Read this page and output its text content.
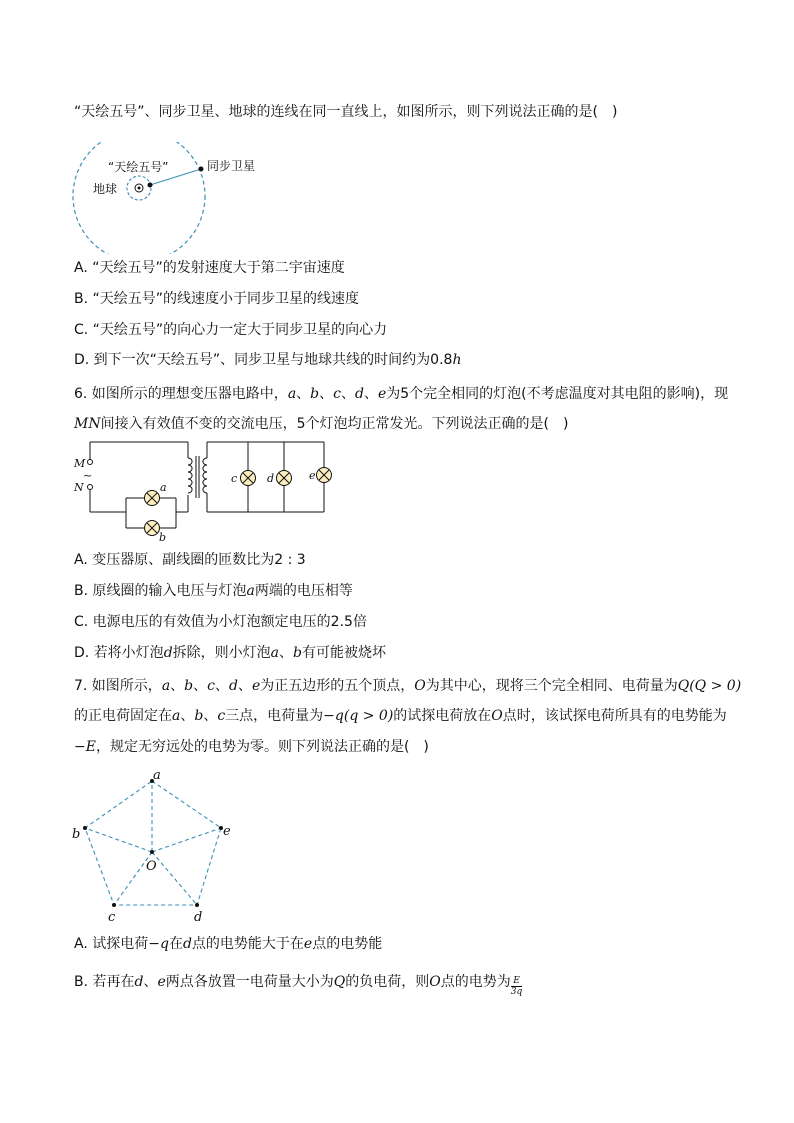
“天绘五号”、同步卫星、地球的连线在同一直线上，如图所示，则下列说法正确的是(　)
地球
“天绘五号”	同步卫星
A. “天绘五号”的发射速度大于第二宇宙速度
B. “天绘五号”的线速度小于同步卫星的线速度
C. “天绘五号”的向心力一定大于同步卫星的向心力
D. 到下一次“天绘五号”、同步卫星与地球共线的时间约为0.8h
6. 如图所示的理想变压器电路中，a、b、c、d、e为5个完全相同的灯泡(不考虑温度对其电阻的影响)，现
MN间接入有效值不变的交流电压，5个灯泡均正常发光。下列说法正确的是(　)
M
~
N	a
b
c	d	e
A. 变压器原、副线圈的匝数比为2 : 3
B. 原线圈的输入电压与灯泡a两端的电压相等
C. 电源电压的有效值为小灯泡额定电压的2.5倍
D. 若将小灯泡d拆除，则小灯泡a、b有可能被烧坏
7. 如图所示，a、b、c、d、e为正五边形的五个顶点，O为其中心，现将三个完全相同、电荷量为Q(Q > 0)
的正电荷固定在a、b、c三点，电荷量为−q(q > 0)的试探电荷放在O点时，该试探电荷所具有的电势能为
−E，规定无穷远处的电势为零。则下列说法正确的是(　)
a
b
c	d
e
O
A. 试探电荷−q在d点的电势能大于在e点的电势能
B. 若再在d、e两点各放置一电荷量大小为Q的负电荷，则O点的电势为 $\frac{E}{3q}$
